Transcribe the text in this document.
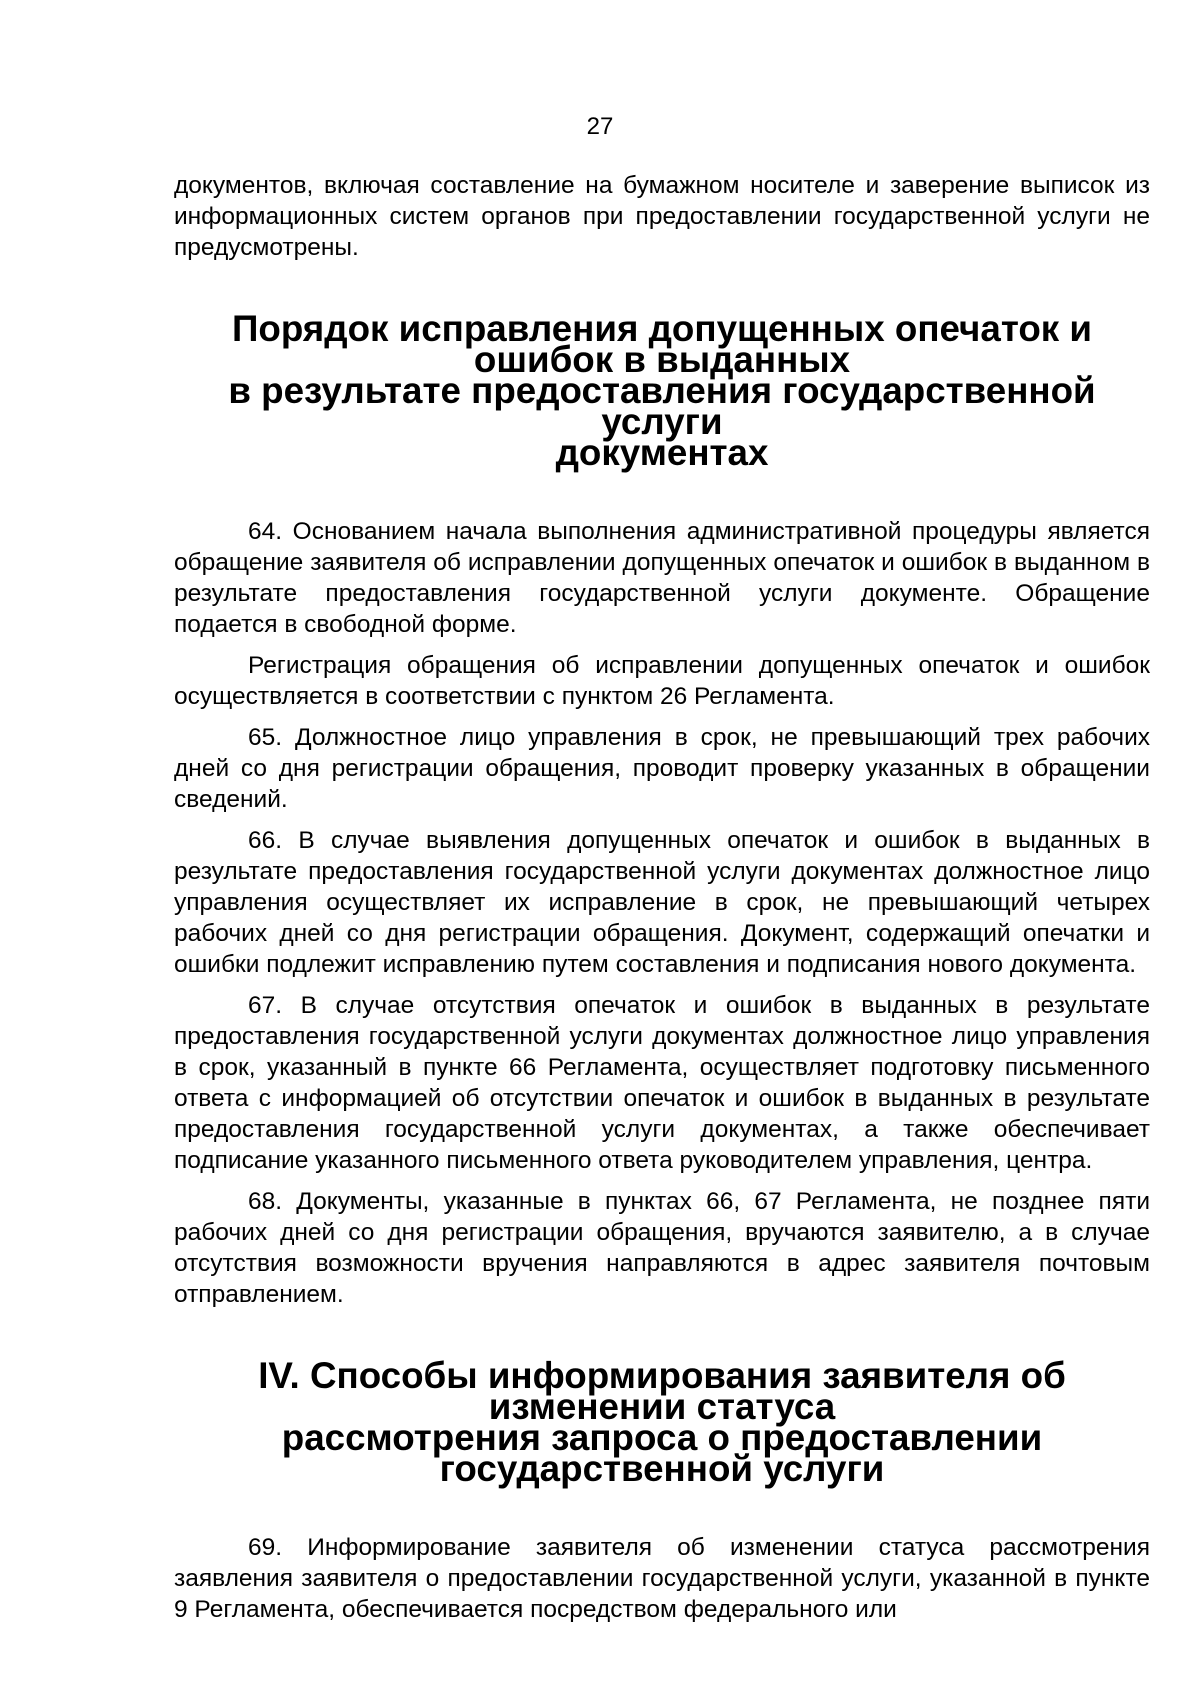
27

документов, включая составление на бумажном носителе и заверение выписок из информационных систем органов при предоставлении государственной услуги не предусмотрены.

Порядок исправления допущенных опечаток и ошибок в выданных
в результате предоставления государственной услуги
документах

64. Основанием начала выполнения административной процедуры является обращение заявителя об исправлении допущенных опечаток и ошибок в выданном в результате предоставления государственной услуги документе. Обращение подается в свободной форме.

Регистрация обращения об исправлении допущенных опечаток и ошибок осуществляется в соответствии с пунктом 26 Регламента.

65. Должностное лицо управления в срок, не превышающий трех рабочих дней со дня регистрации обращения, проводит проверку указанных в обращении сведений.

66. В случае выявления допущенных опечаток и ошибок в выданных в результате предоставления государственной услуги документах должностное лицо управления осуществляет их исправление в срок, не превышающий четырех рабочих дней со дня регистрации обращения. Документ, содержащий опечатки и ошибки подлежит исправлению путем составления и подписания нового документа.

67. В случае отсутствия опечаток и ошибок в выданных в результате предоставления государственной услуги документах должностное лицо управления в срок, указанный в пункте 66 Регламента, осуществляет подготовку письменного ответа с информацией об отсутствии опечаток и ошибок в выданных в результате предоставления государственной услуги документах, а также обеспечивает подписание указанного письменного ответа руководителем управления, центра.

68. Документы, указанные в пунктах 66, 67 Регламента, не позднее пяти рабочих дней со дня регистрации обращения, вручаются заявителю, а в случае отсутствия возможности вручения направляются в адрес заявителя почтовым отправлением.

IV. Способы информирования заявителя об изменении статуса
рассмотрения запроса о предоставлении государственной услуги

69. Информирование заявителя об изменении статуса рассмотрения заявления заявителя о предоставлении государственной услуги, указанной в пункте 9 Регламента, обеспечивается посредством федерального или
